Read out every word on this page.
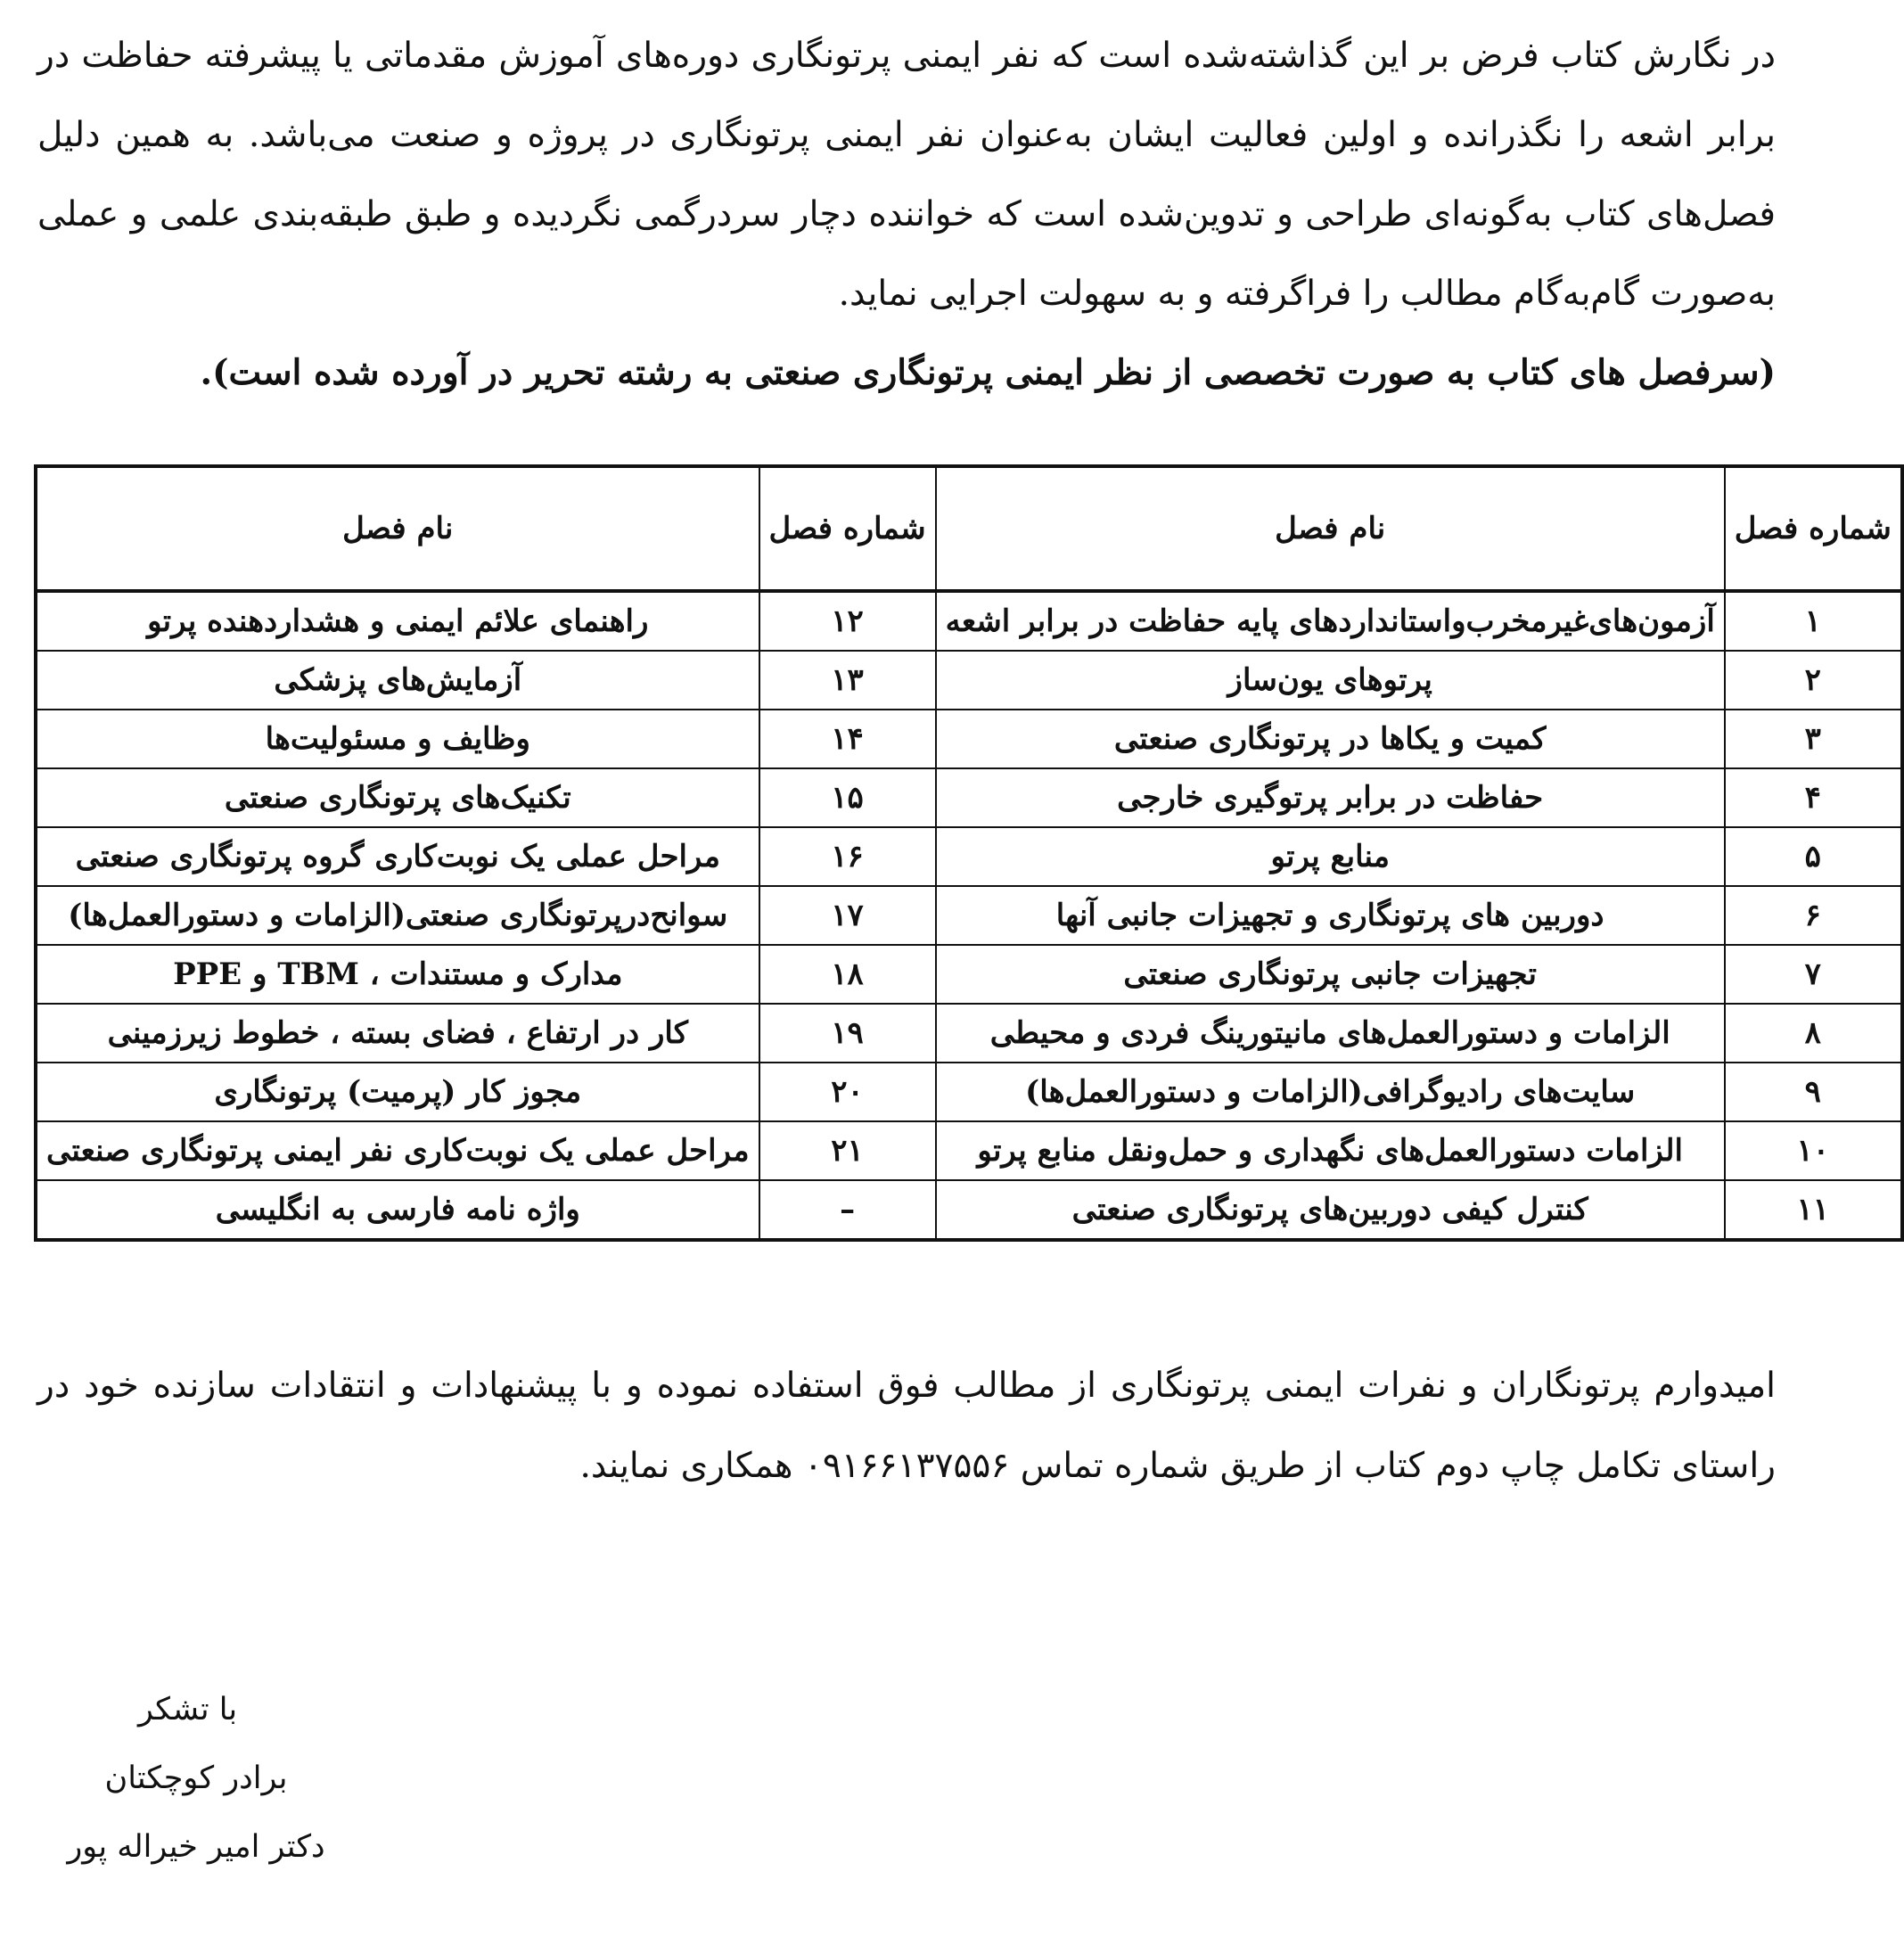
در نگارش کتاب فرض بر این گذاشته‌شده است که نفر ایمنی پرتونگاری دوره‌های آموزش مقدماتی یا پیشرفته حفاظت در برابر اشعه را نگذرانده و اولین فعالیت ایشان به‌عنوان نفر ایمنی پرتونگاری در پروژه و صنعت می‌باشد. به همین دلیل فصل‌های کتاب به‌گونه‌ای طراحی و تدوین‌شده است که خواننده دچار سردرگمی نگردیده و طبق طبقه‌بندی علمی و عملی به‌صورت گام‌به‌گام مطالب را فراگرفته و به سهولت اجرایی نماید.

(سرفصل های کتاب به صورت تخصصی از نظر ایمنی پرتونگاری صنعتی به رشته تحریر در آورده شده است).

شماره فصل	نام فصل	شماره فصل	نام فصل
۱	آزمون‌های‌غیرمخرب‌واستانداردهای پایه حفاظت در برابر اشعه	۱۲	راهنمای علائم ایمنی و هشداردهنده پرتو
۲	پرتوهای یون‌ساز	۱۳	آزمایش‌های پزشکی
۳	کمیت و یکاها در پرتونگاری صنعتی	۱۴	وظایف و مسئولیت‌ها
۴	حفاظت در برابر پرتوگیری خارجی	۱۵	تکنیک‌های پرتونگاری صنعتی
۵	منابع پرتو	۱۶	مراحل عملی یک نوبت‌کاری گروه پرتونگاری صنعتی
۶	دوربین های پرتونگاری و تجهیزات جانبی آنها	۱۷	سوانح‌درپرتونگاری صنعتی(الزامات و دستورالعمل‌ها)
۷	تجهیزات جانبی پرتونگاری صنعتی	۱۸	مدارک و مستندات ، TBM و PPE
۸	الزامات و دستورالعمل‌های مانیتورینگ فردی و محیطی	۱۹	کار در ارتفاع ، فضای بسته ، خطوط زیرزمینی
۹	سایت‌های رادیوگرافی(الزامات و دستورالعمل‌ها)	۲۰	مجوز کار (پرمیت) پرتونگاری
۱۰	الزامات دستورالعمل‌های نگهداری و حمل‌ونقل منابع پرتو	۲۱	مراحل عملی یک نوبت‌کاری نفر ایمنی پرتونگاری صنعتی
۱۱	کنترل کیفی دوربین‌های پرتونگاری صنعتی	–	واژه نامه فارسی به انگلیسی

امیدوارم پرتونگاران و نفرات ایمنی پرتونگاری از مطالب فوق استفاده نموده و با پیشنهادات و انتقادات سازنده خود در راستای تکامل چاپ دوم کتاب از طریق شماره تماس ۰۹۱۶۶۱۳۷۵۵۶ همکاری نمایند.

با تشکر
برادر کوچکتان
دکتر امیر خیراله پور
